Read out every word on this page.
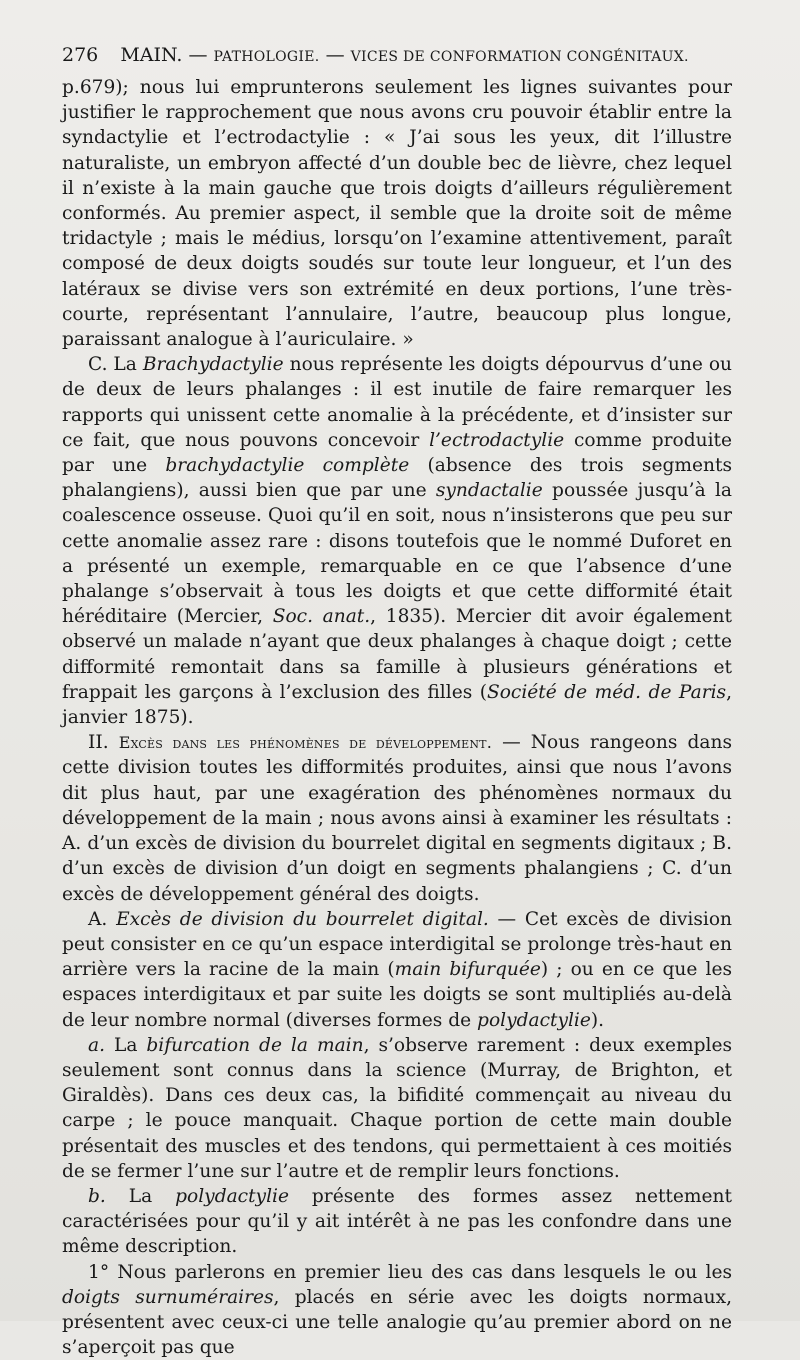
276 MAIN. — PATHOLOGIE. — VICES DE CONFORMATION CONGÉNITAUX.

p.679); nous lui emprunterons seulement les lignes suivantes pour justifier le rapprochement que nous avons cru pouvoir établir entre la syndactylie et l’ectrodactylie : « J’ai sous les yeux, dit l’illustre naturaliste, un embryon affecté d’un double bec de lièvre, chez lequel il n’existe à la main gauche que trois doigts d’ailleurs régulièrement conformés. Au premier aspect, il semble que la droite soit de même tridactyle ; mais le médius, lorsqu’on l’examine attentivement, paraît composé de deux doigts soudés sur toute leur longueur, et l’un des latéraux se divise vers son extrémité en deux portions, l’une très-courte, représentant l’annulaire, l’autre, beaucoup plus longue, paraissant analogue à l’auriculaire. »

C. La Brachydactylie nous représente les doigts dépourvus d’une ou de deux de leurs phalanges : il est inutile de faire remarquer les rapports qui unissent cette anomalie à la précédente, et d’insister sur ce fait, que nous pouvons concevoir l’ectrodactylie comme produite par une brachydactylie complète (absence des trois segments phalangiens), aussi bien que par une syndactalie poussée jusqu’à la coalescence osseuse. Quoi qu’il en soit, nous n’insisterons que peu sur cette anomalie assez rare : disons toutefois que le nommé Duforet en a présenté un exemple, remarquable en ce que l’absence d’une phalange s’observait à tous les doigts et que cette difformité était héréditaire (Mercier, Soc. anat., 1835). Mercier dit avoir également observé un malade n’ayant que deux phalanges à chaque doigt ; cette difformité remontait dans sa famille à plusieurs générations et frappait les garçons à l’exclusion des filles (Société de méd. de Paris, janvier 1875).

II. Excès dans les phénomènes de développement. — Nous rangeons dans cette division toutes les difformités produites, ainsi que nous l’avons dit plus haut, par une exagération des phénomènes normaux du développement de la main ; nous avons ainsi à examiner les résultats : A. d’un excès de division du bourrelet digital en segments digitaux ; B. d’un excès de division d’un doigt en segments phalangiens ; C. d’un excès de développement général des doigts.

A. Excès de division du bourrelet digital. — Cet excès de division peut consister en ce qu’un espace interdigital se prolonge très-haut en arrière vers la racine de la main (main bifurquée) ; ou en ce que les espaces interdigitaux et par suite les doigts se sont multipliés au-delà de leur nombre normal (diverses formes de polydactylie).

a. La bifurcation de la main, s’observe rarement : deux exemples seulement sont connus dans la science (Murray, de Brighton, et Giraldès). Dans ces deux cas, la bifidité commençait au niveau du carpe ; le pouce manquait. Chaque portion de cette main double présentait des muscles et des tendons, qui permettaient à ces moitiés de se fermer l’une sur l’autre et de remplir leurs fonctions.

b. La polydactylie présente des formes assez nettement caractérisées pour qu’il y ait intérêt à ne pas les confondre dans une même description.

1° Nous parlerons en premier lieu des cas dans lesquels le ou les doigts surnuméraires, placés en série avec les doigts normaux, présentent avec ceux-ci une telle analogie qu’au premier abord on ne s’aperçoit pas que
